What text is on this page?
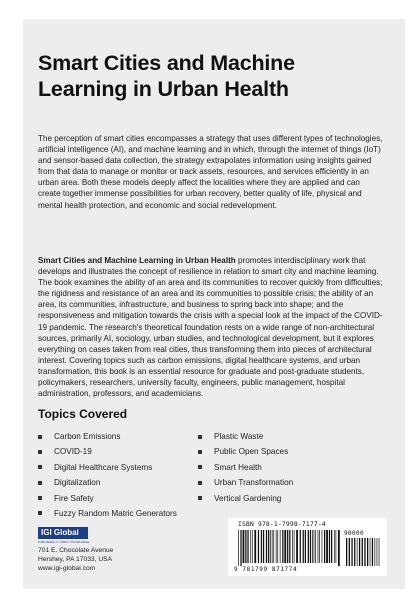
Smart Cities and Machine Learning in Urban Health

The perception of smart cities encompasses a strategy that uses different types of technologies, artificial intelligence (AI), and machine learning and in which, through the internet of things (IoT) and sensor-based data collection, the strategy extrapolates information using insights gained from that data to manage or monitor or track assets, resources, and services efficiently in an urban area. Both these models deeply affect the localities where they are applied and can create together immense possibilities for urban recovery, better quality of life, physical and mental health protection, and economic and social redevelopment.

Smart Cities and Machine Learning in Urban Health promotes interdisciplinary work that develops and illustrates the concept of resilience in relation to smart city and machine learning. The book examines the ability of an area and its communities to recover quickly from difficulties; the rigidness and resistance of an area and its communities to possible crisis; the ability of an area, its communities, infrastructure, and business to spring back into shape; and the responsiveness and mitigation towards the crisis with a special look at the impact of the COVID-19 pandemic. The research's theoretical foundation rests on a wide range of non-architectural sources, primarily AI, sociology, urban studies, and technological development, but it explores everything on cases taken from real cities, thus transforming them into pieces of architectural interest. Covering topics such as carbon emissions, digital healthcare systems, and urban transformation, this book is an essential resource for graduate and post-graduate students, policymakers, researchers, university faculty, engineers, public management, hospital administration, professors, and academicians.

Topics Covered
Carbon Emissions
COVID-19
Digital Healthcare Systems
Digitalization
Fire Safety
Fuzzy Random Matric Generators
Plastic Waste
Public Open Spaces
Smart Health
Urban Transformation
Vertical Gardening
IGI Global
PUBLISHER of TIMELY KNOWLEDGE
701 E. Chocolate Avenue
Hershey, PA 17033, USA
www.igi-global.com
ISBN 978-1-7998-7177-4
90000
9 781799 871774
